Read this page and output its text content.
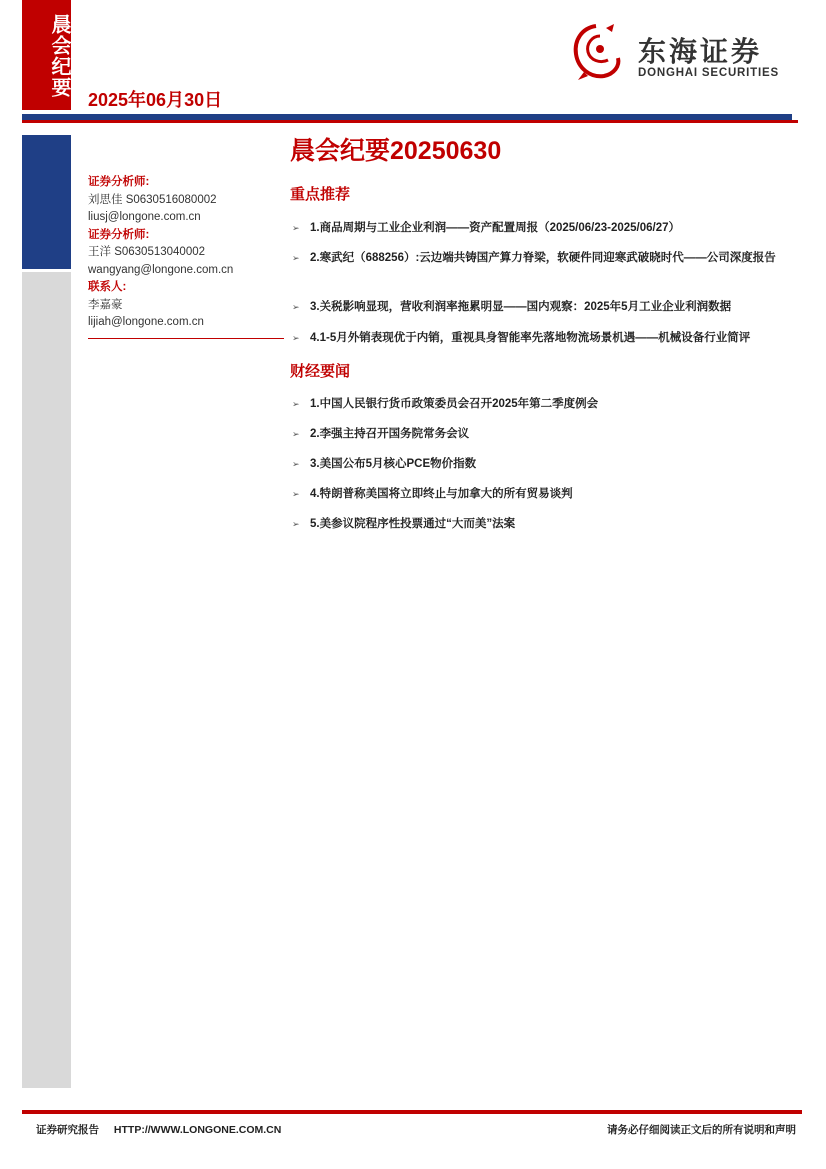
晨会纪要
2025年06月30日
东海证券
DONGHAI SECURITIES
证券分析师:
刘思佳 S0630516080002
liusj@longone.com.cn
证券分析师:
王洋 S0630513040002
wangyang@longone.com.cn
联系人:
李嘉豪
lijiah@longone.com.cn
晨会纪要20250630
重点推荐
➢ 1.商品周期与工业企业利润——资产配置周报（2025/06/23-2025/06/27）
➢ 2.寒武纪（688256）:云边端共铸国产算力脊梁，软硬件同迎寒武破晓时代——公司深度报告
➢ 3.关税影响显现，营收利润率拖累明显——国内观察：2025年5月工业企业利润数据
➢ 4.1-5月外销表现优于内销，重视具身智能率先落地物流场景机遇——机械设备行业简评
财经要闻
➢ 1.中国人民银行货币政策委员会召开2025年第二季度例会
➢ 2.李强主持召开国务院常务会议
➢ 3.美国公布5月核心PCE物价指数
➢ 4.特朗普称美国将立即终止与加拿大的所有贸易谈判
➢ 5.美参议院程序性投票通过“大而美”法案
证券研究报告 HTTP://WWW.LONGONE.COM.CN	请务必仔细阅读正文后的所有说明和声明
